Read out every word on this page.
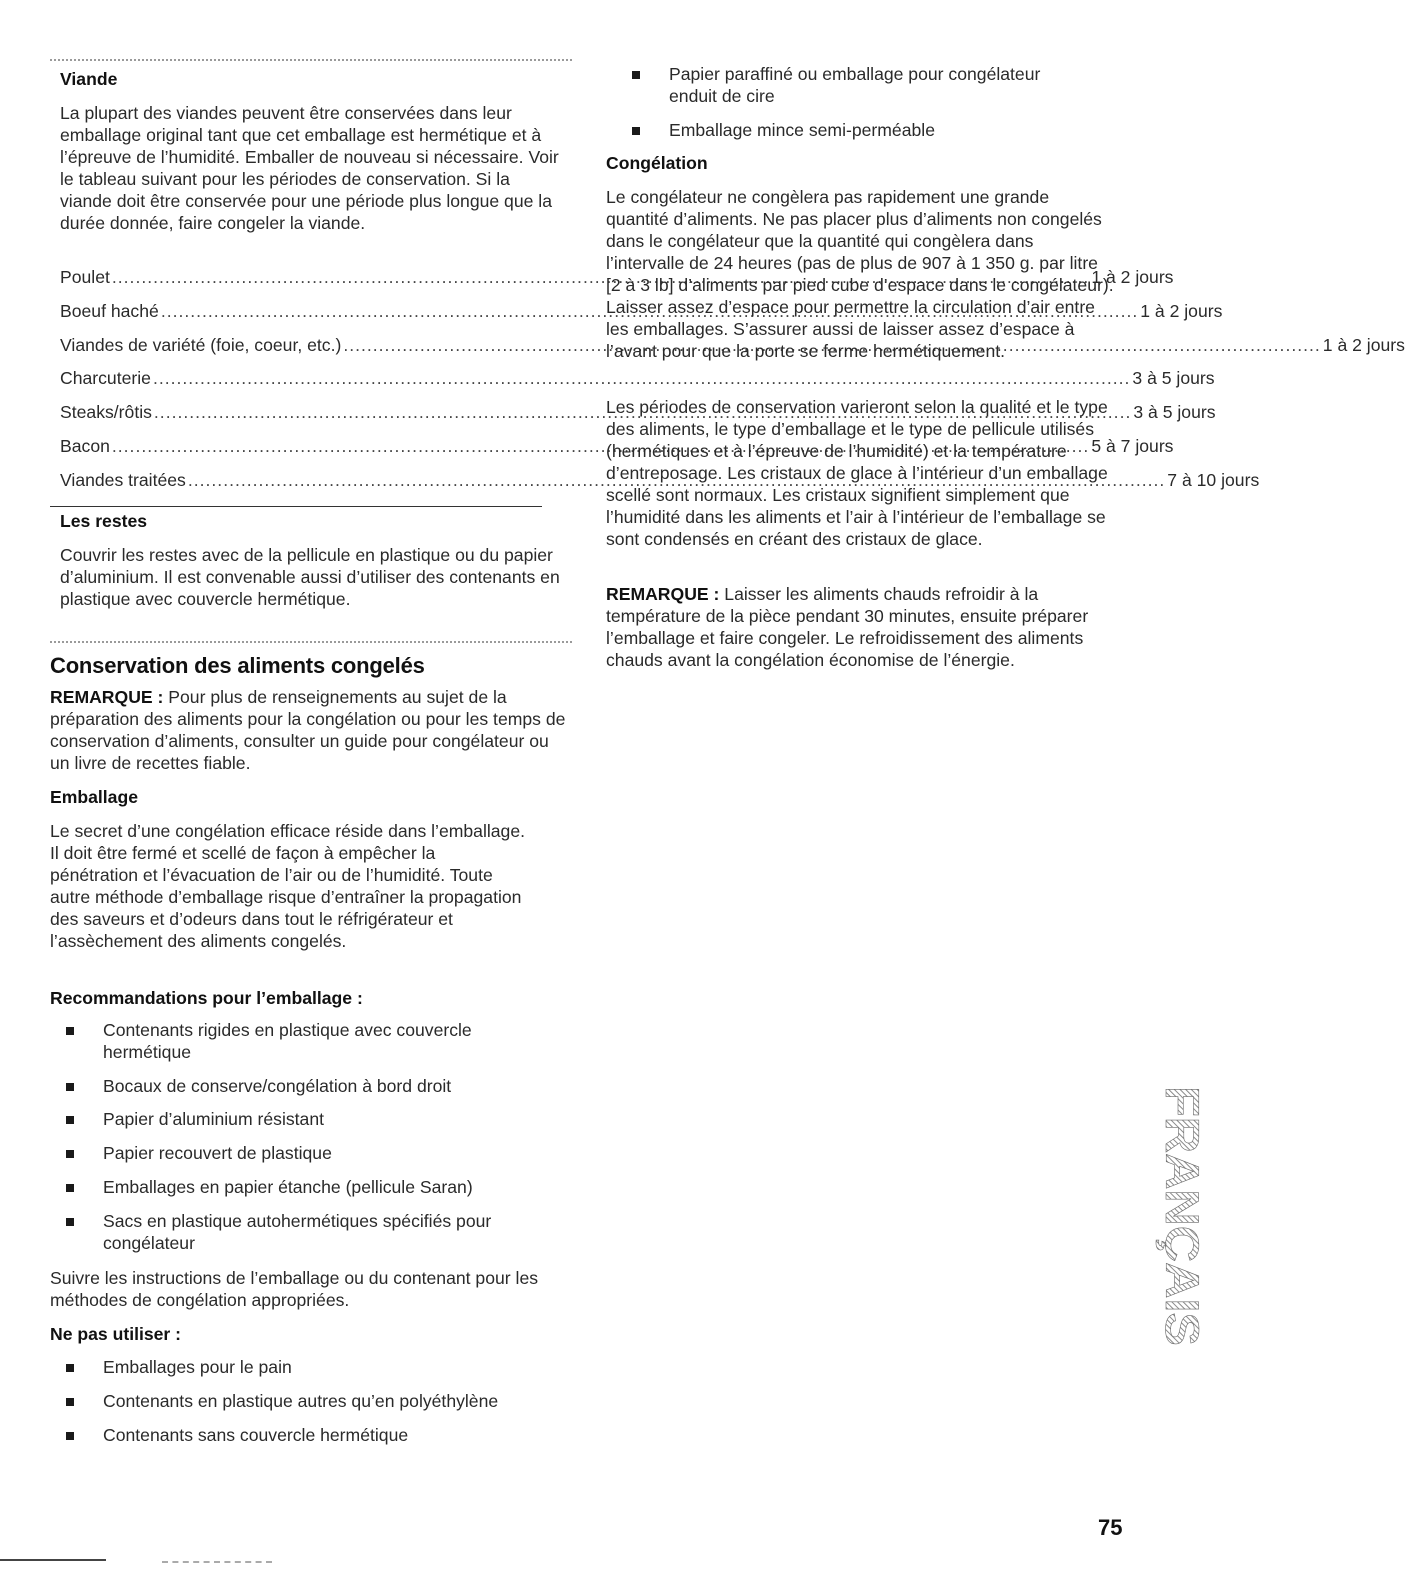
Viande

La plupart des viandes peuvent être conservées dans leur emballage original tant que cet emballage est hermétique et à l’épreuve de l’humidité. Emballer de nouveau si nécessaire. Voir le tableau suivant pour les périodes de conservation. Si la viande doit être conservée pour une période plus longue que la durée donnée, faire congeler la viande.

Poulet .....	1 à 2 jours
Boeuf haché .....	1 à 2 jours
Viandes de variété (foie, coeur, etc.) .....	1 à 2 jours
Charcuterie .....	3 à 5 jours
Steaks/rôtis .....	3 à 5 jours
Bacon .....	5 à 7 jours
Viandes traitées .....	7 à 10 jours
Les restes

Couvrir les restes avec de la pellicule en plastique ou du papier d’aluminium. Il est convenable aussi d’utiliser des contenants en plastique avec couvercle hermétique.

Conservation des aliments congelés

REMARQUE : Pour plus de renseignements au sujet de la préparation des aliments pour la congélation ou pour les temps de conservation d’aliments, consulter un guide pour congélateur ou un livre de recettes fiable.

Emballage

Le secret d’une congélation efficace réside dans l’emballage. Il doit être fermé et scellé de façon à empêcher la pénétration et l’évacuation de l’air ou de l’humidité. Toute autre méthode d’emballage risque d’entraîner la propagation des saveurs et d’odeurs dans tout le réfrigérateur et l’assèchement des aliments congelés.

Recommandations pour l’emballage :
Contenants rigides en plastique avec couvercle hermétique
Bocaux de conserve/congélation à bord droit
Papier d’aluminium résistant
Papier recouvert de plastique
Emballages en papier étanche (pellicule Saran)
Sacs en plastique autohermétiques spécifiés pour congélateur

Suivre les instructions de l’emballage ou du contenant pour les méthodes de congélation appropriées.

Ne pas utiliser :
Emballages pour le pain
Contenants en plastique autres qu’en polyéthylène
Contenants sans couvercle hermétique
Papier paraffiné ou emballage pour congélateur enduit de cire
Emballage mince semi-perméable
Congélation

Le congélateur ne congèlera pas rapidement une grande quantité d’aliments. Ne pas placer plus d’aliments non congelés dans le congélateur que la quantité qui congèlera dans l’intervalle de 24 heures (pas de plus de 907 à 1 350 g. par litre [2 à 3 lb] d’aliments par pied cube d’espace dans le congélateur). Laisser assez d’espace pour permettre la circulation d’air entre les emballages. S’assurer aussi de laisser assez d’espace à l’avant pour que la porte se ferme hermétiquement.

Les périodes de conservation varieront selon la qualité et le type des aliments, le type d’emballage et le type de pellicule utilisés (hermétiques et à l’épreuve de l’humidité) et la température d’entreposage. Les cristaux de glace à l’intérieur d’un emballage scellé sont normaux. Les cristaux signifient simplement que l’humidité dans les aliments et l’air à l’intérieur de l’emballage se sont condensés en créant des cristaux de glace.

REMARQUE : Laisser les aliments chauds refroidir à la température de la pièce pendant 30 minutes, ensuite préparer l’emballage et faire congeler. Le refroidissement des aliments chauds avant la congélation économise de l’énergie.

FRANÇAIS
75
